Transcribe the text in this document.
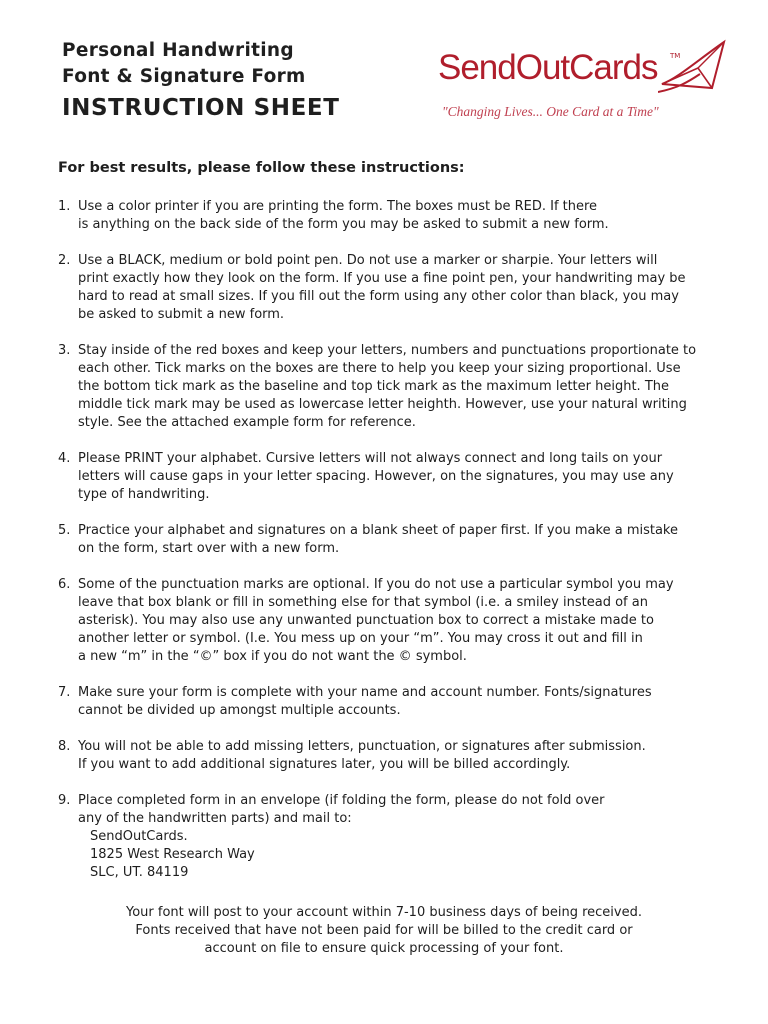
Personal Handwriting
Font & Signature Form
INSTRUCTION SHEET
SendOutCards TM
"Changing Lives... One Card at a Time"
For best results, please follow these instructions:
1. Use a color printer if you are printing the form. The boxes must be RED. If there
is anything on the back side of the form you may be asked to submit a new form.
2. Use a BLACK, medium or bold point pen. Do not use a marker or sharpie. Your letters will
print exactly how they look on the form. If you use a fine point pen, your handwriting may be
hard to read at small sizes. If you fill out the form using any other color than black, you may
be asked to submit a new form.
3. Stay inside of the red boxes and keep your letters, numbers and punctuations proportionate to
each other. Tick marks on the boxes are there to help you keep your sizing proportional. Use
the bottom tick mark as the baseline and top tick mark as the maximum letter height. The
middle tick mark may be used as lowercase letter heighth. However, use your natural writing
style. See the attached example form for reference.
4. Please PRINT your alphabet. Cursive letters will not always connect and long tails on your
letters will cause gaps in your letter spacing. However, on the signatures, you may use any
type of handwriting.
5. Practice your alphabet and signatures on a blank sheet of paper first. If you make a mistake
on the form, start over with a new form.
6. Some of the punctuation marks are optional. If you do not use a particular symbol you may
leave that box blank or fill in something else for that symbol (i.e. a smiley instead of an
asterisk). You may also use any unwanted punctuation box to correct a mistake made to
another letter or symbol. (I.e. You mess up on your “m”. You may cross it out and fill in
a new “m” in the “©” box if you do not want the © symbol.
7. Make sure your form is complete with your name and account number. Fonts/signatures
cannot be divided up amongst multiple accounts.
8. You will not be able to add missing letters, punctuation, or signatures after submission.
If you want to add additional signatures later, you will be billed accordingly.
9. Place completed form in an envelope (if folding the form, please do not fold over
any of the handwritten parts) and mail to:
SendOutCards.
1825 West Research Way
SLC, UT. 84119
Your font will post to your account within 7-10 business days of being received.
Fonts received that have not been paid for will be billed to the credit card or
account on file to ensure quick processing of your font.
